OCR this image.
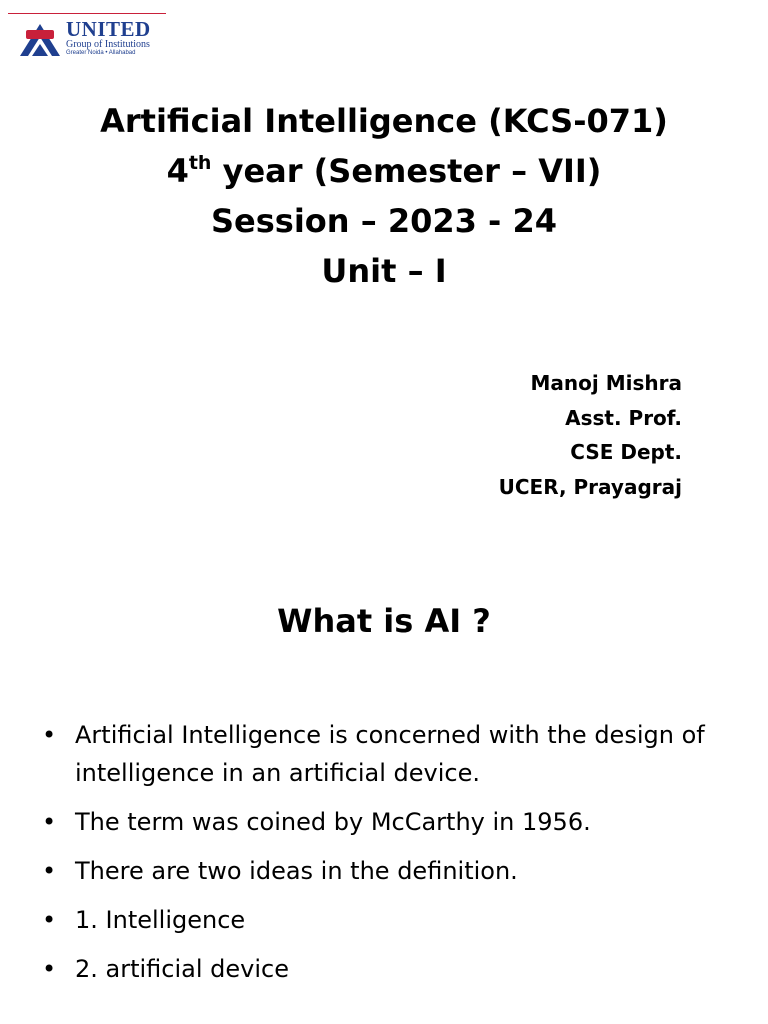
UNITED
Group of Institutions
Greater Noida • Allahabad
Artificial Intelligence (KCS-071)
4th year (Semester – VII)
Session – 2023 - 24
Unit – I
Manoj Mishra
Asst. Prof.
CSE Dept.
UCER, Prayagraj
What is AI ?
• Artificial Intelligence is concerned with the design of intelligence in an artificial device.
• The term was coined by McCarthy in 1956.
• There are two ideas in the definition.
• 1. Intelligence
• 2. artificial device
